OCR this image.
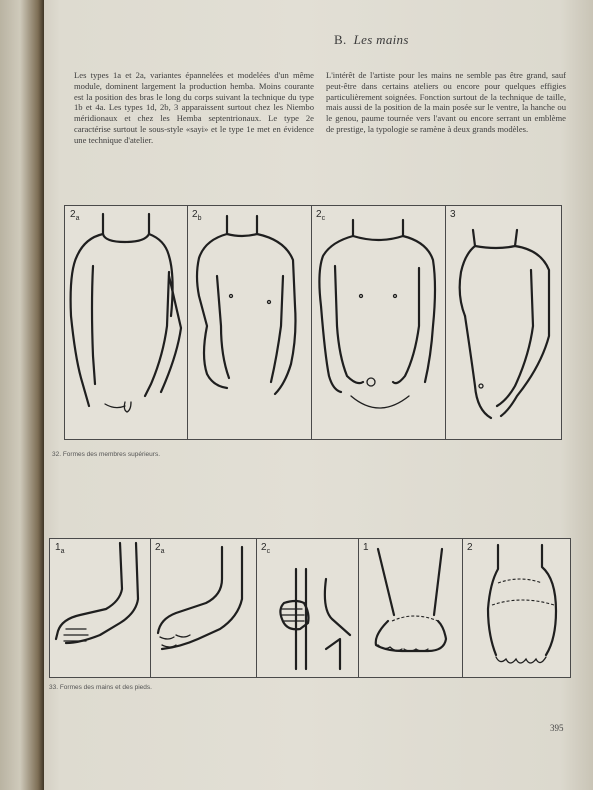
B. Les mains
Les types 1a et 2a, variantes épannelées et modelées d'un même module, dominent largement la production hemba. Moins courante est la position des bras le long du corps suivant la technique du type 1b et 4a. Les types 1d, 2b, 3 apparaissent surtout chez les Niembo méridionaux et chez les Hemba septentrionaux. Le type 2e caractérise surtout le sous-style «sayi» et le type 1e met en évidence une technique d'atelier.
L'intérêt de l'artiste pour les mains ne semble pas être grand, sauf peut-être dans certains ateliers ou encore pour quelques effigies particulièrement soignées. Fonction surtout de la technique de taille, mais aussi de la position de la main posée sur le ventre, la hanche ou le genou, paume tournée vers l'avant ou encore serrant un emblème de prestige, la typologie se ramène à deux grands modèles.
$2_a$	$2_b$	$2_c$	3
32. Formes des membres supérieurs.
$1_a$	$2_a$	$2_c$	1	2
33. Formes des mains et des pieds.
395
